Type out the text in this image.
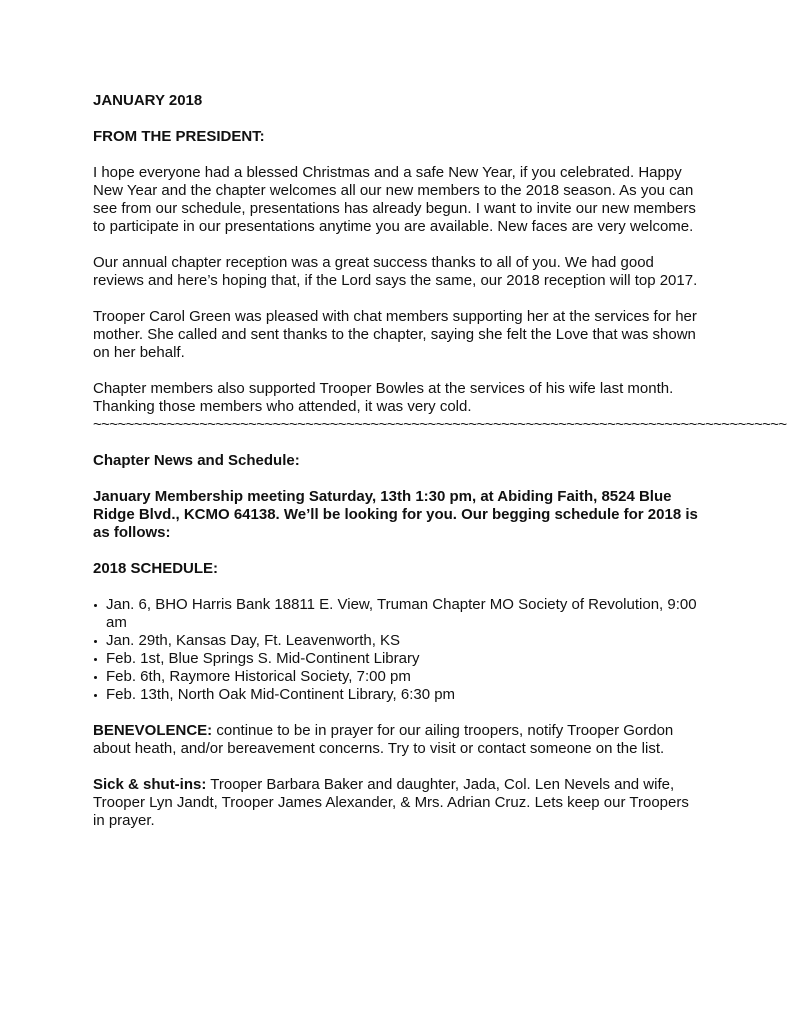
JANUARY 2018

FROM THE PRESIDENT:

I hope everyone had a blessed Christmas and a safe New Year, if you celebrated. Happy New Year and the chapter welcomes all our new members to the 2018 season. As you can see from our schedule, presentations has already begun. I want to invite our new members to participate in our presentations anytime you are available. New faces are very welcome.

Our annual chapter reception was a great success thanks to all of you. We had good reviews and here’s hoping that, if the Lord says the same, our 2018 reception will top 2017.

Trooper Carol Green was pleased with chat members supporting her at the services for her mother. She called and sent thanks to the chapter, saying she felt the Love that was shown on her behalf.

Chapter members also supported Trooper Bowles at the services of his wife last month. Thanking those members who attended, it was very cold.

~~~~~~~~~~~~~~~~~~~~~~~~~~~~~~~~~~~~~~~~~~~~~~~~~~~~~~~~~~~~~~~~~~~~~~~~~~~~~~~~~~~~~

Chapter News and Schedule:

January Membership meeting Saturday, 13th 1:30 pm, at Abiding Faith, 8524 Blue Ridge Blvd., KCMO 64138. We’ll be looking for you. Our begging schedule for 2018 is as follows:

2018 SCHEDULE:

Jan. 6, BHO Harris Bank 18811 E. View, Truman Chapter MO Society of Revolution, 9:00 am
Jan. 29th, Kansas Day, Ft. Leavenworth, KS
Feb. 1st, Blue Springs S. Mid-Continent Library
Feb. 6th, Raymore Historical Society, 7:00 pm
Feb. 13th, North Oak Mid-Continent Library, 6:30 pm

BENEVOLENCE: continue to be in prayer for our ailing troopers, notify Trooper Gordon about heath, and/or bereavement concerns. Try to visit or contact someone on the list.

Sick & shut-ins: Trooper Barbara Baker and daughter, Jada, Col. Len Nevels and wife, Trooper Lyn Jandt, Trooper James Alexander, & Mrs. Adrian Cruz. Lets keep our Troopers in prayer.
